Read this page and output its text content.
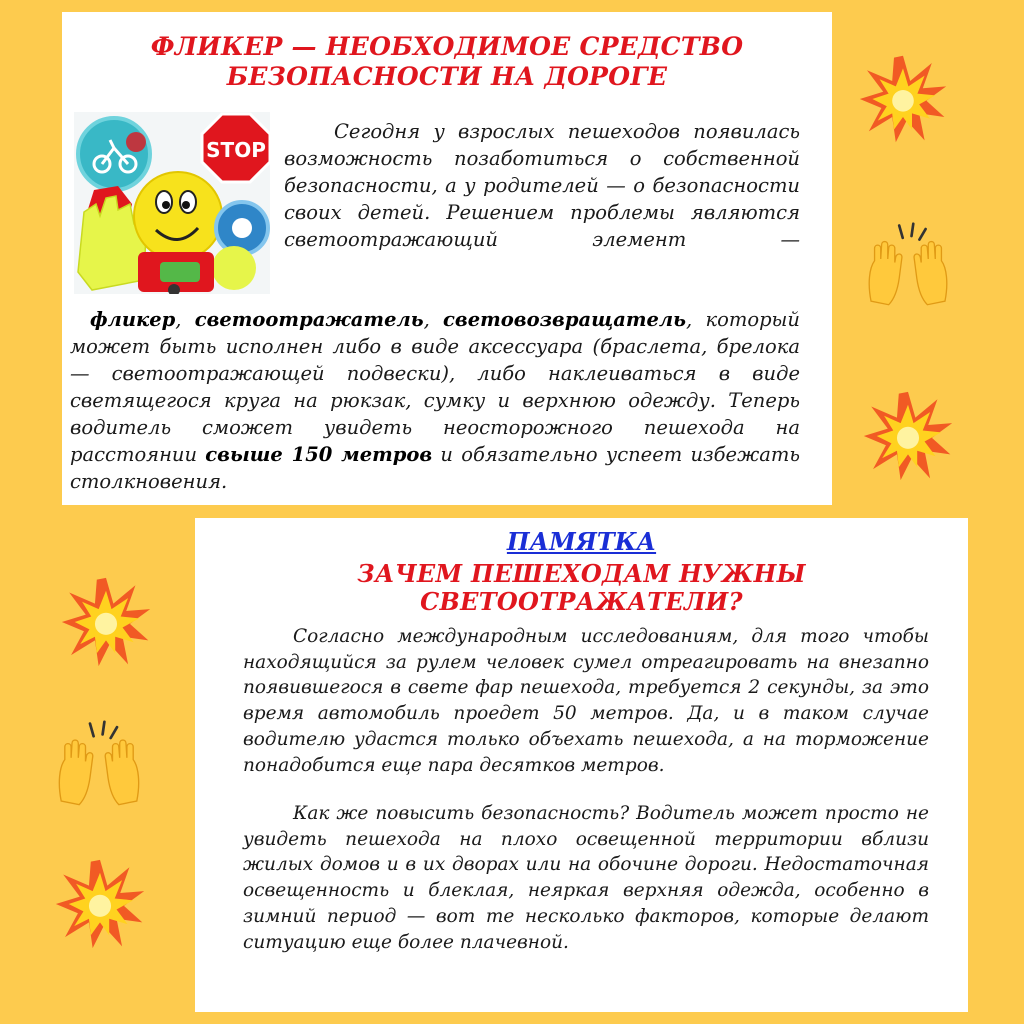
ФЛИКЕР — НЕОБХОДИМОЕ СРЕДСТВО
БЕЗОПАСНОСТИ НА ДОРОГЕ
STOP
Сегодня у взрослых пешеходов появилась возможность позаботиться о собственной безопасности, а у родителей — о безопасности своих детей. Решением проблемы являются светоотражающий элемент —
фликер, светоотражатель, световозвращатель, который может быть исполнен либо в виде аксессуара (браслета, брелока — светоотражающей подвески), либо наклеиваться в виде светящегося круга на рюкзак, сумку и верхнюю одежду. Теперь водитель сможет увидеть неосторожного пешехода на расстоянии свыше 150 метров и обязательно успеет избежать столкновения.
ПАМЯТКА
ЗАЧЕМ ПЕШЕХОДАМ НУЖНЫ
СВЕТООТРАЖАТЕЛИ?
Согласно международным исследованиям, для того чтобы находящийся за рулем человек сумел отреагировать на внезапно появившегося в свете фар пешехода, требуется 2 секунды, за это время автомобиль проедет 50 метров. Да, и в таком случае водителю удастся только объехать пешехода, а на торможение понадобится еще пара десятков метров.
Как же повысить безопасность? Водитель может просто не увидеть пешехода на плохо освещенной территории вблизи жилых домов и в их дворах или на обочине дороги. Недостаточная освещенность и блеклая, неяркая верхняя одежда, особенно в зимний период — вот те несколько факторов, которые делают ситуацию еще более плачевной.
